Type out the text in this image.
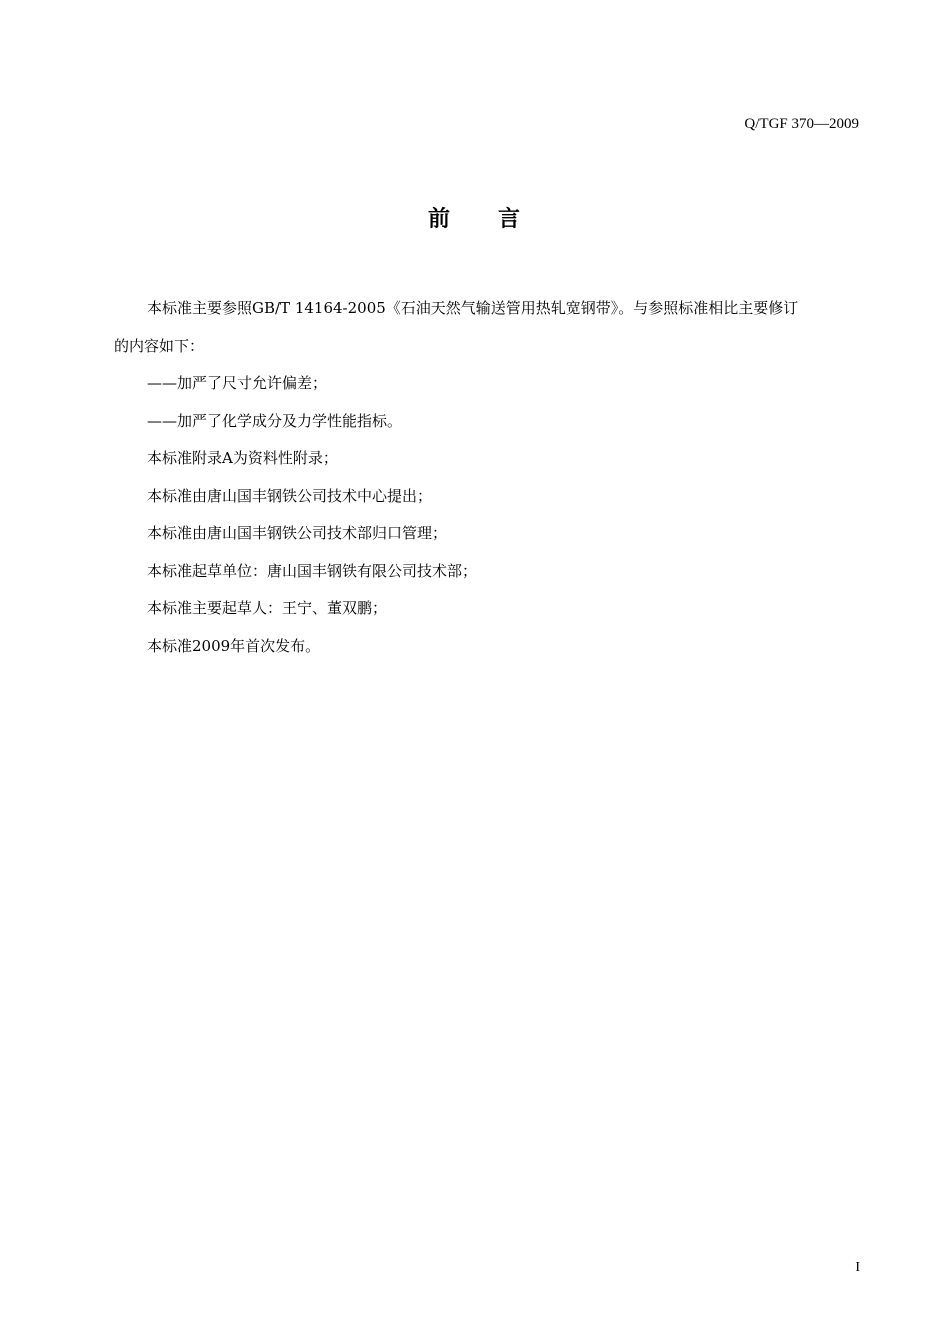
Q/TGF 370—2009
前 言

本标准主要参照GB/T 14164-2005《石油天然气输送管用热轧宽钢带》。与参照标准相比主要修订

的内容如下：

——加严了尺寸允许偏差；

——加严了化学成分及力学性能指标。

本标准附录A为资料性附录；

本标准由唐山国丰钢铁公司技术中心提出；

本标准由唐山国丰钢铁公司技术部归口管理；

本标准起草单位：唐山国丰钢铁有限公司技术部；

本标准主要起草人：王宁、董双鹏；

本标准2009年首次发布。

I
